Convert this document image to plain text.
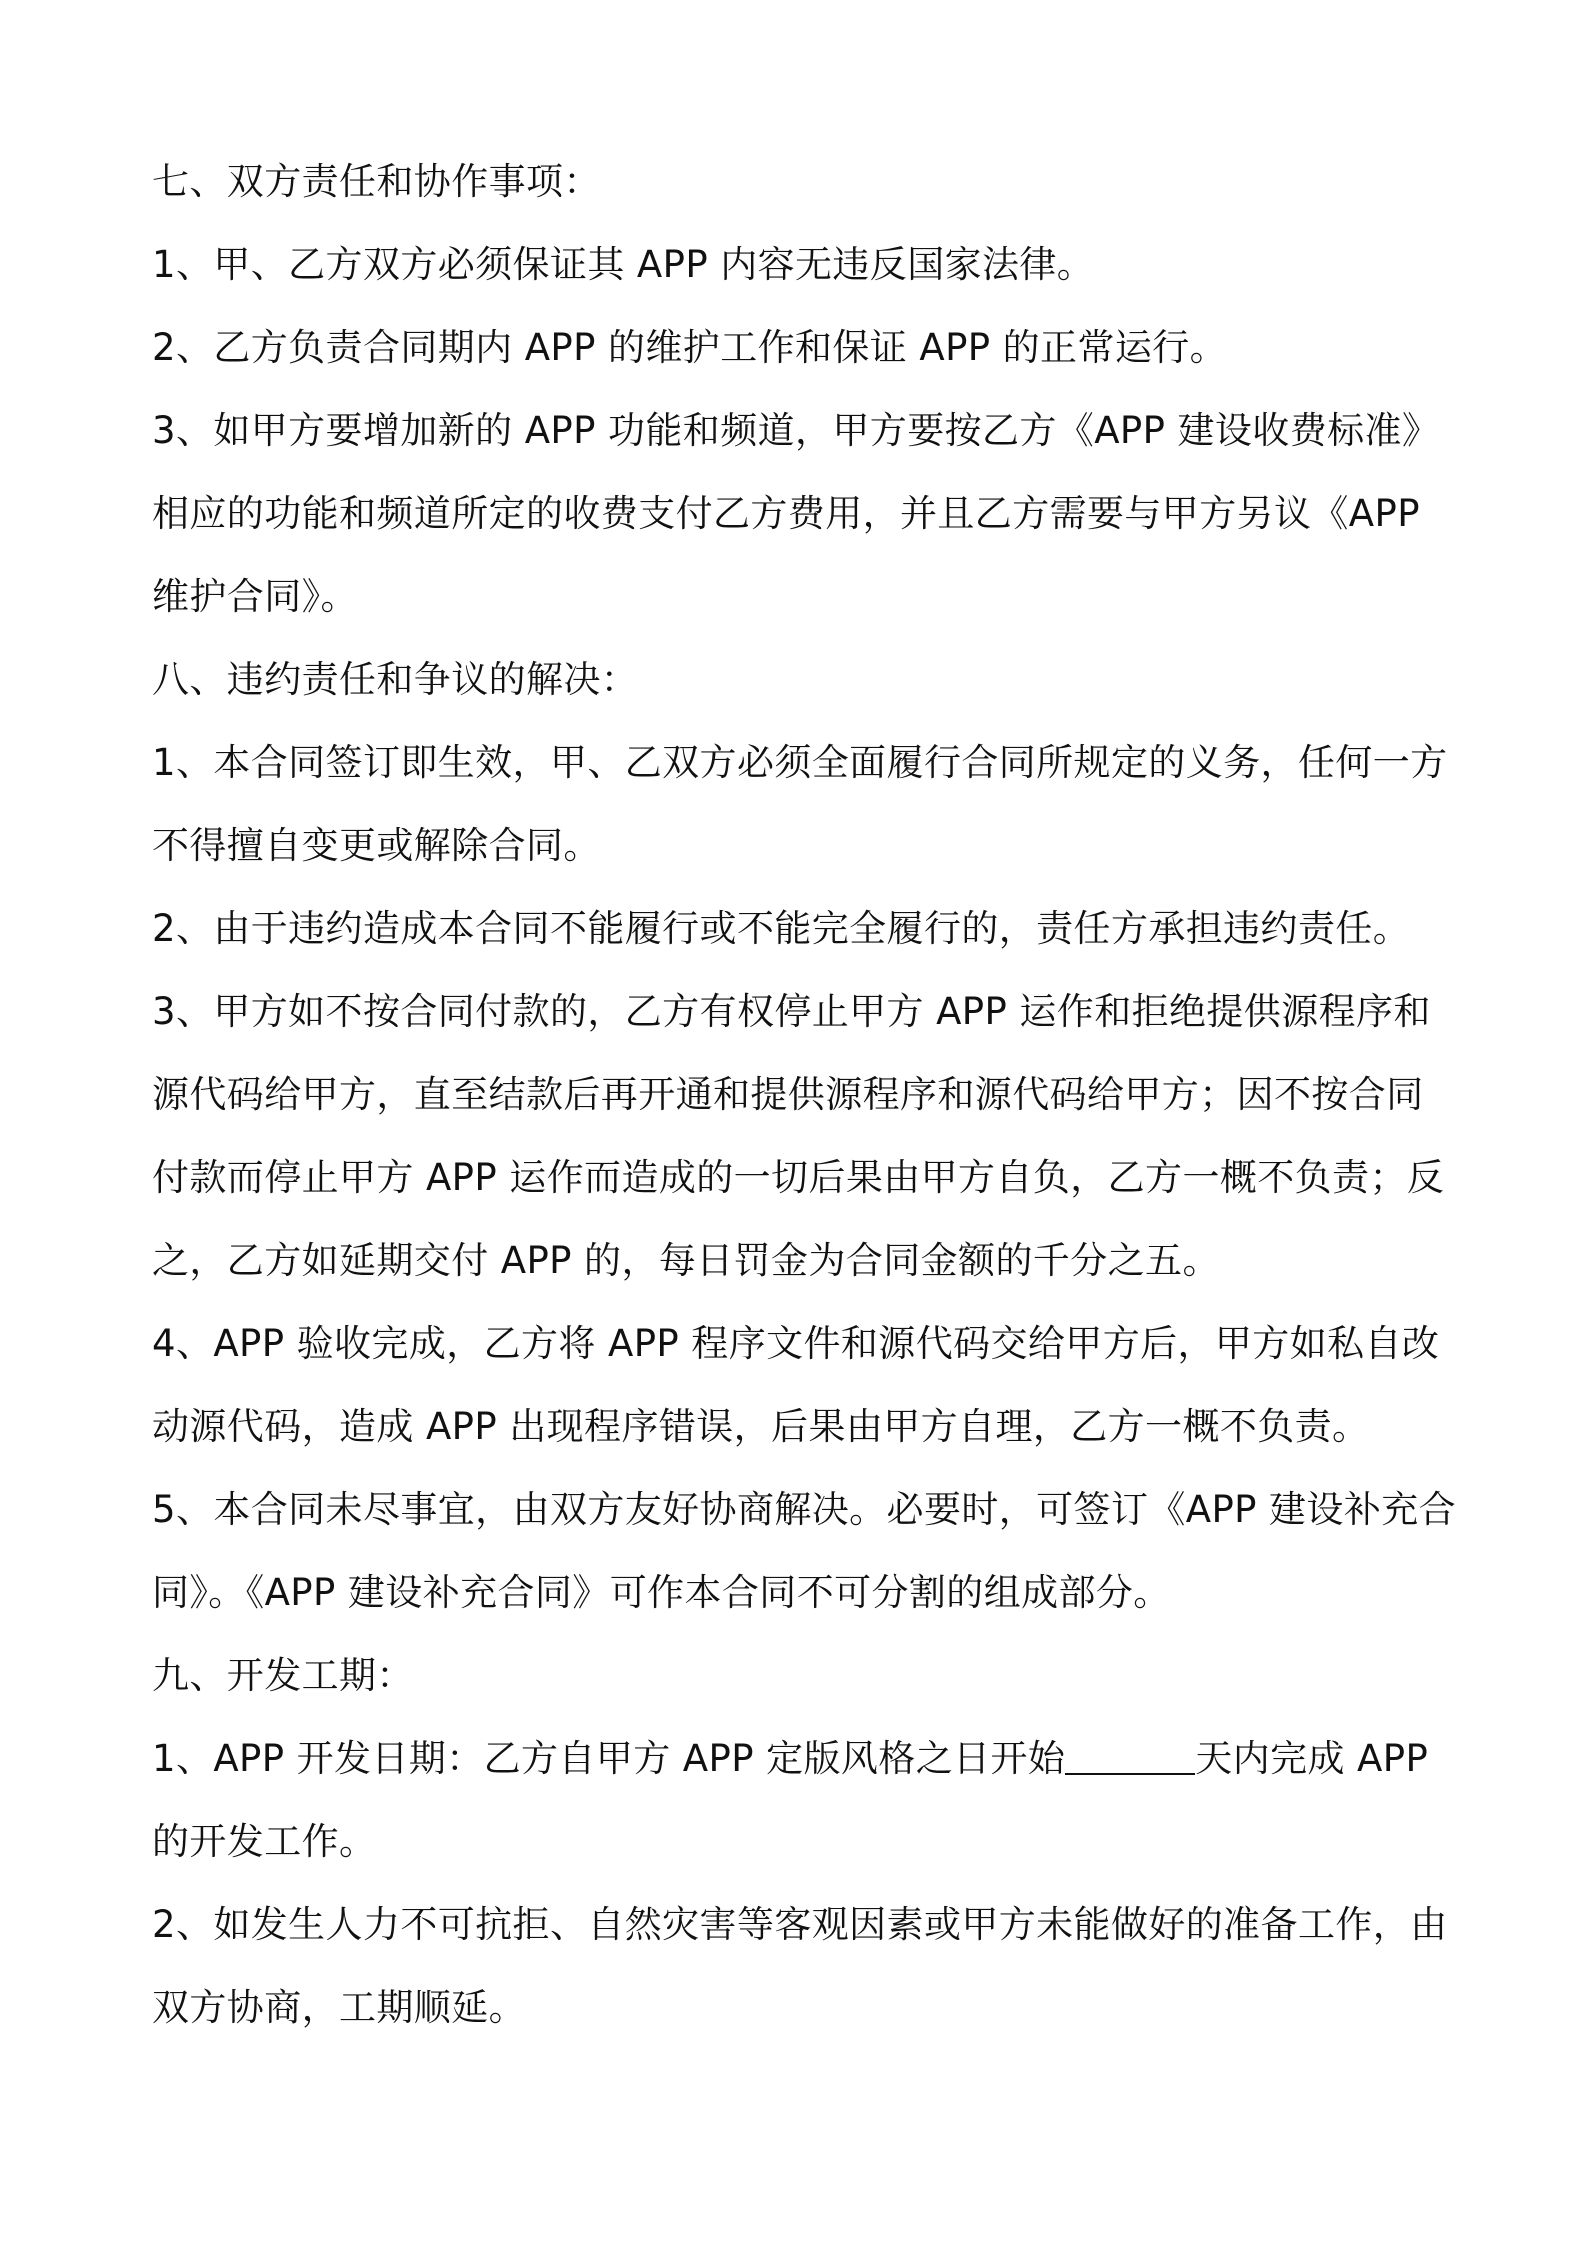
七、双方责任和协作事项：

1、甲、乙方双方必须保证其 APP 内容无违反国家法律。

2、乙方负责合同期内 APP 的维护工作和保证 APP 的正常运行。

3、如甲方要增加新的 APP 功能和频道，甲方要按乙方《APP 建设收费标准》

相应的功能和频道所定的收费支付乙方费用，并且乙方需要与甲方另议《APP

维护合同》。

八、违约责任和争议的解决：

1、本合同签订即生效，甲、乙双方必须全面履行合同所规定的义务，任何一方

不得擅自变更或解除合同。

2、由于违约造成本合同不能履行或不能完全履行的，责任方承担违约责任。

3、甲方如不按合同付款的，乙方有权停止甲方 APP 运作和拒绝提供源程序和

源代码给甲方，直至结款后再开通和提供源程序和源代码给甲方；因不按合同

付款而停止甲方 APP 运作而造成的一切后果由甲方自负，乙方一概不负责；反

之，乙方如延期交付 APP 的，每日罚金为合同金额的千分之五。

4、APP 验收完成，乙方将 APP 程序文件和源代码交给甲方后，甲方如私自改

动源代码，造成 APP 出现程序错误，后果由甲方自理，乙方一概不负责。

5、本合同未尽事宜，由双方友好协商解决。必要时，可签订《APP 建设补充合

同》。《APP 建设补充合同》可作本合同不可分割的组成部分。

九、开发工期：

1、APP 开发日期：乙方自甲方 APP 定版风格之日开始	天内完成 APP

的开发工作。

2、如发生人力不可抗拒、自然灾害等客观因素或甲方未能做好的准备工作，由

双方协商，工期顺延。
